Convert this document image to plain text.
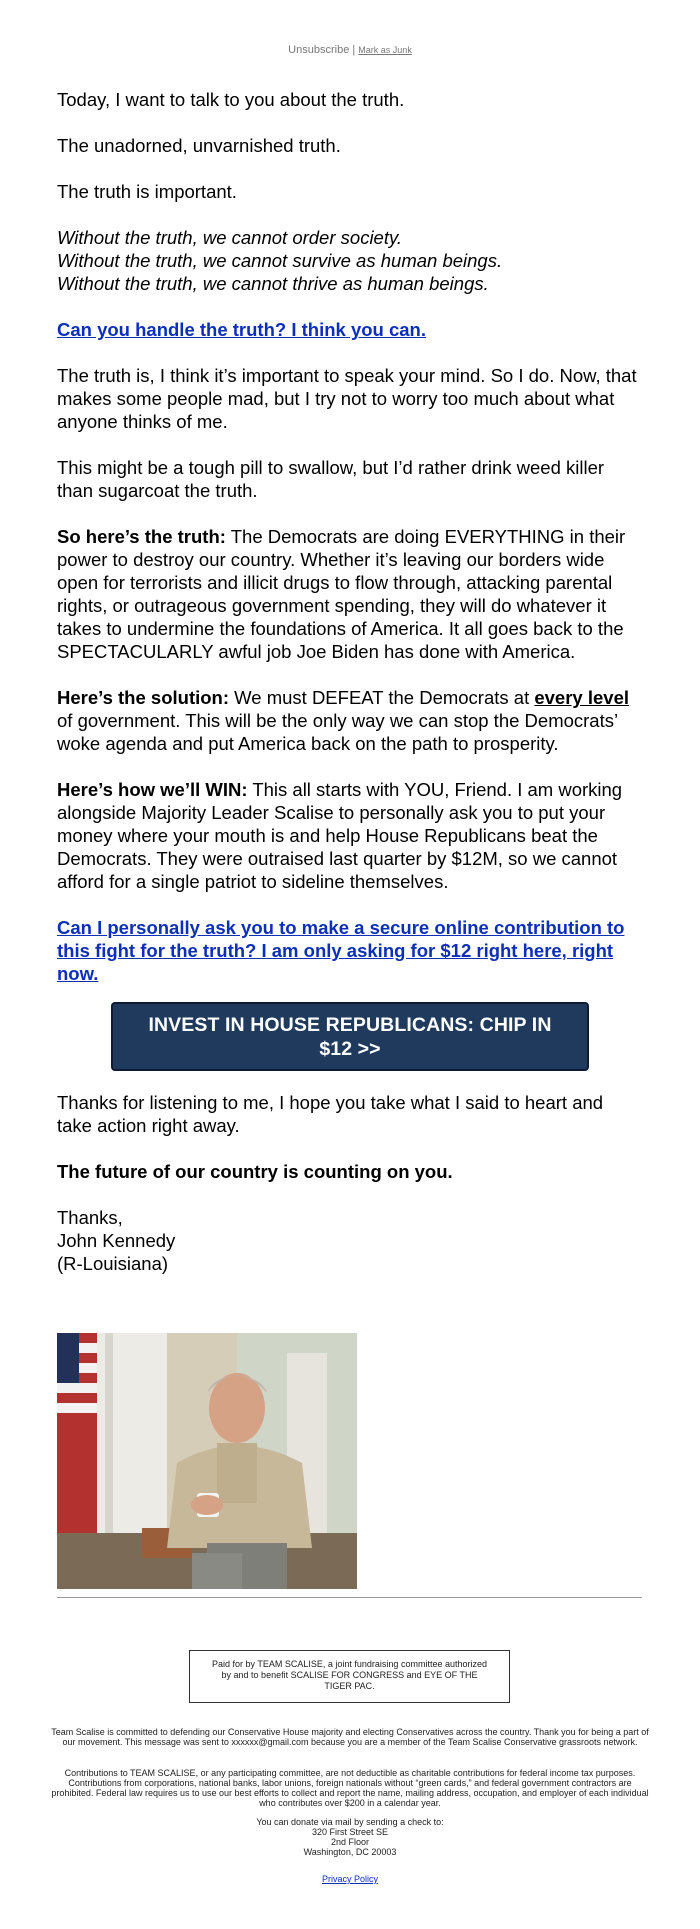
Unsubscribe | Mark as Junk

Today, I want to talk to you about the truth.

The unadorned, unvarnished truth.

The truth is important.

Without the truth, we cannot order society.
Without the truth, we cannot survive as human beings.
Without the truth, we cannot thrive as human beings.

Can you handle the truth? I think you can.

The truth is, I think it’s important to speak your mind. So I do. Now, that makes some people mad, but I try not to worry too much about what anyone thinks of me.

This might be a tough pill to swallow, but I’d rather drink weed killer than sugarcoat the truth.

So here’s the truth: The Democrats are doing EVERYTHING in their power to destroy our country. Whether it’s leaving our borders wide open for terrorists and illicit drugs to flow through, attacking parental rights, or outrageous government spending, they will do whatever it takes to undermine the foundations of America. It all goes back to the SPECTACULARLY awful job Joe Biden has done with America.

Here’s the solution: We must DEFEAT the Democrats at every level of government. This will be the only way we can stop the Democrats’ woke agenda and put America back on the path to prosperity.

Here’s how we’ll WIN: This all starts with YOU, Friend. I am working alongside Majority Leader Scalise to personally ask you to put your money where your mouth is and help House Republicans beat the Democrats. They were outraised last quarter by $12M, so we cannot afford for a single patriot to sideline themselves.

Can I personally ask you to make a secure online contribution to this fight for the truth? I am only asking for $12 right here, right now.

INVEST IN HOUSE REPUBLICANS: CHIP IN $12 >>

Thanks for listening to me, I hope you take what I said to heart and take action right away.

The future of our country is counting on you.

Thanks,
John Kennedy
(R-Louisiana)

Paid for by TEAM SCALISE, a joint fundraising committee authorized by and to benefit SCALISE FOR CONGRESS and EYE OF THE TIGER PAC.
Team Scalise is committed to defending our Conservative House majority and electing Conservatives across the country. Thank you for being a part of our movement. This message was sent to xxxxxx@gmail.com because you are a member of the Team Scalise Conservative grassroots network.
Contributions to TEAM SCALISE, or any participating committee, are not deductible as charitable contributions for federal income tax purposes. Contributions from corporations, national banks, labor unions, foreign nationals without “green cards,” and federal government contractors are prohibited. Federal law requires us to use our best efforts to collect and report the name, mailing address, occupation, and employer of each individual who contributes over $200 in a calendar year.
You can donate via mail by sending a check to:
320 First Street SE
2nd Floor
Washington, DC 20003
Privacy Policy
